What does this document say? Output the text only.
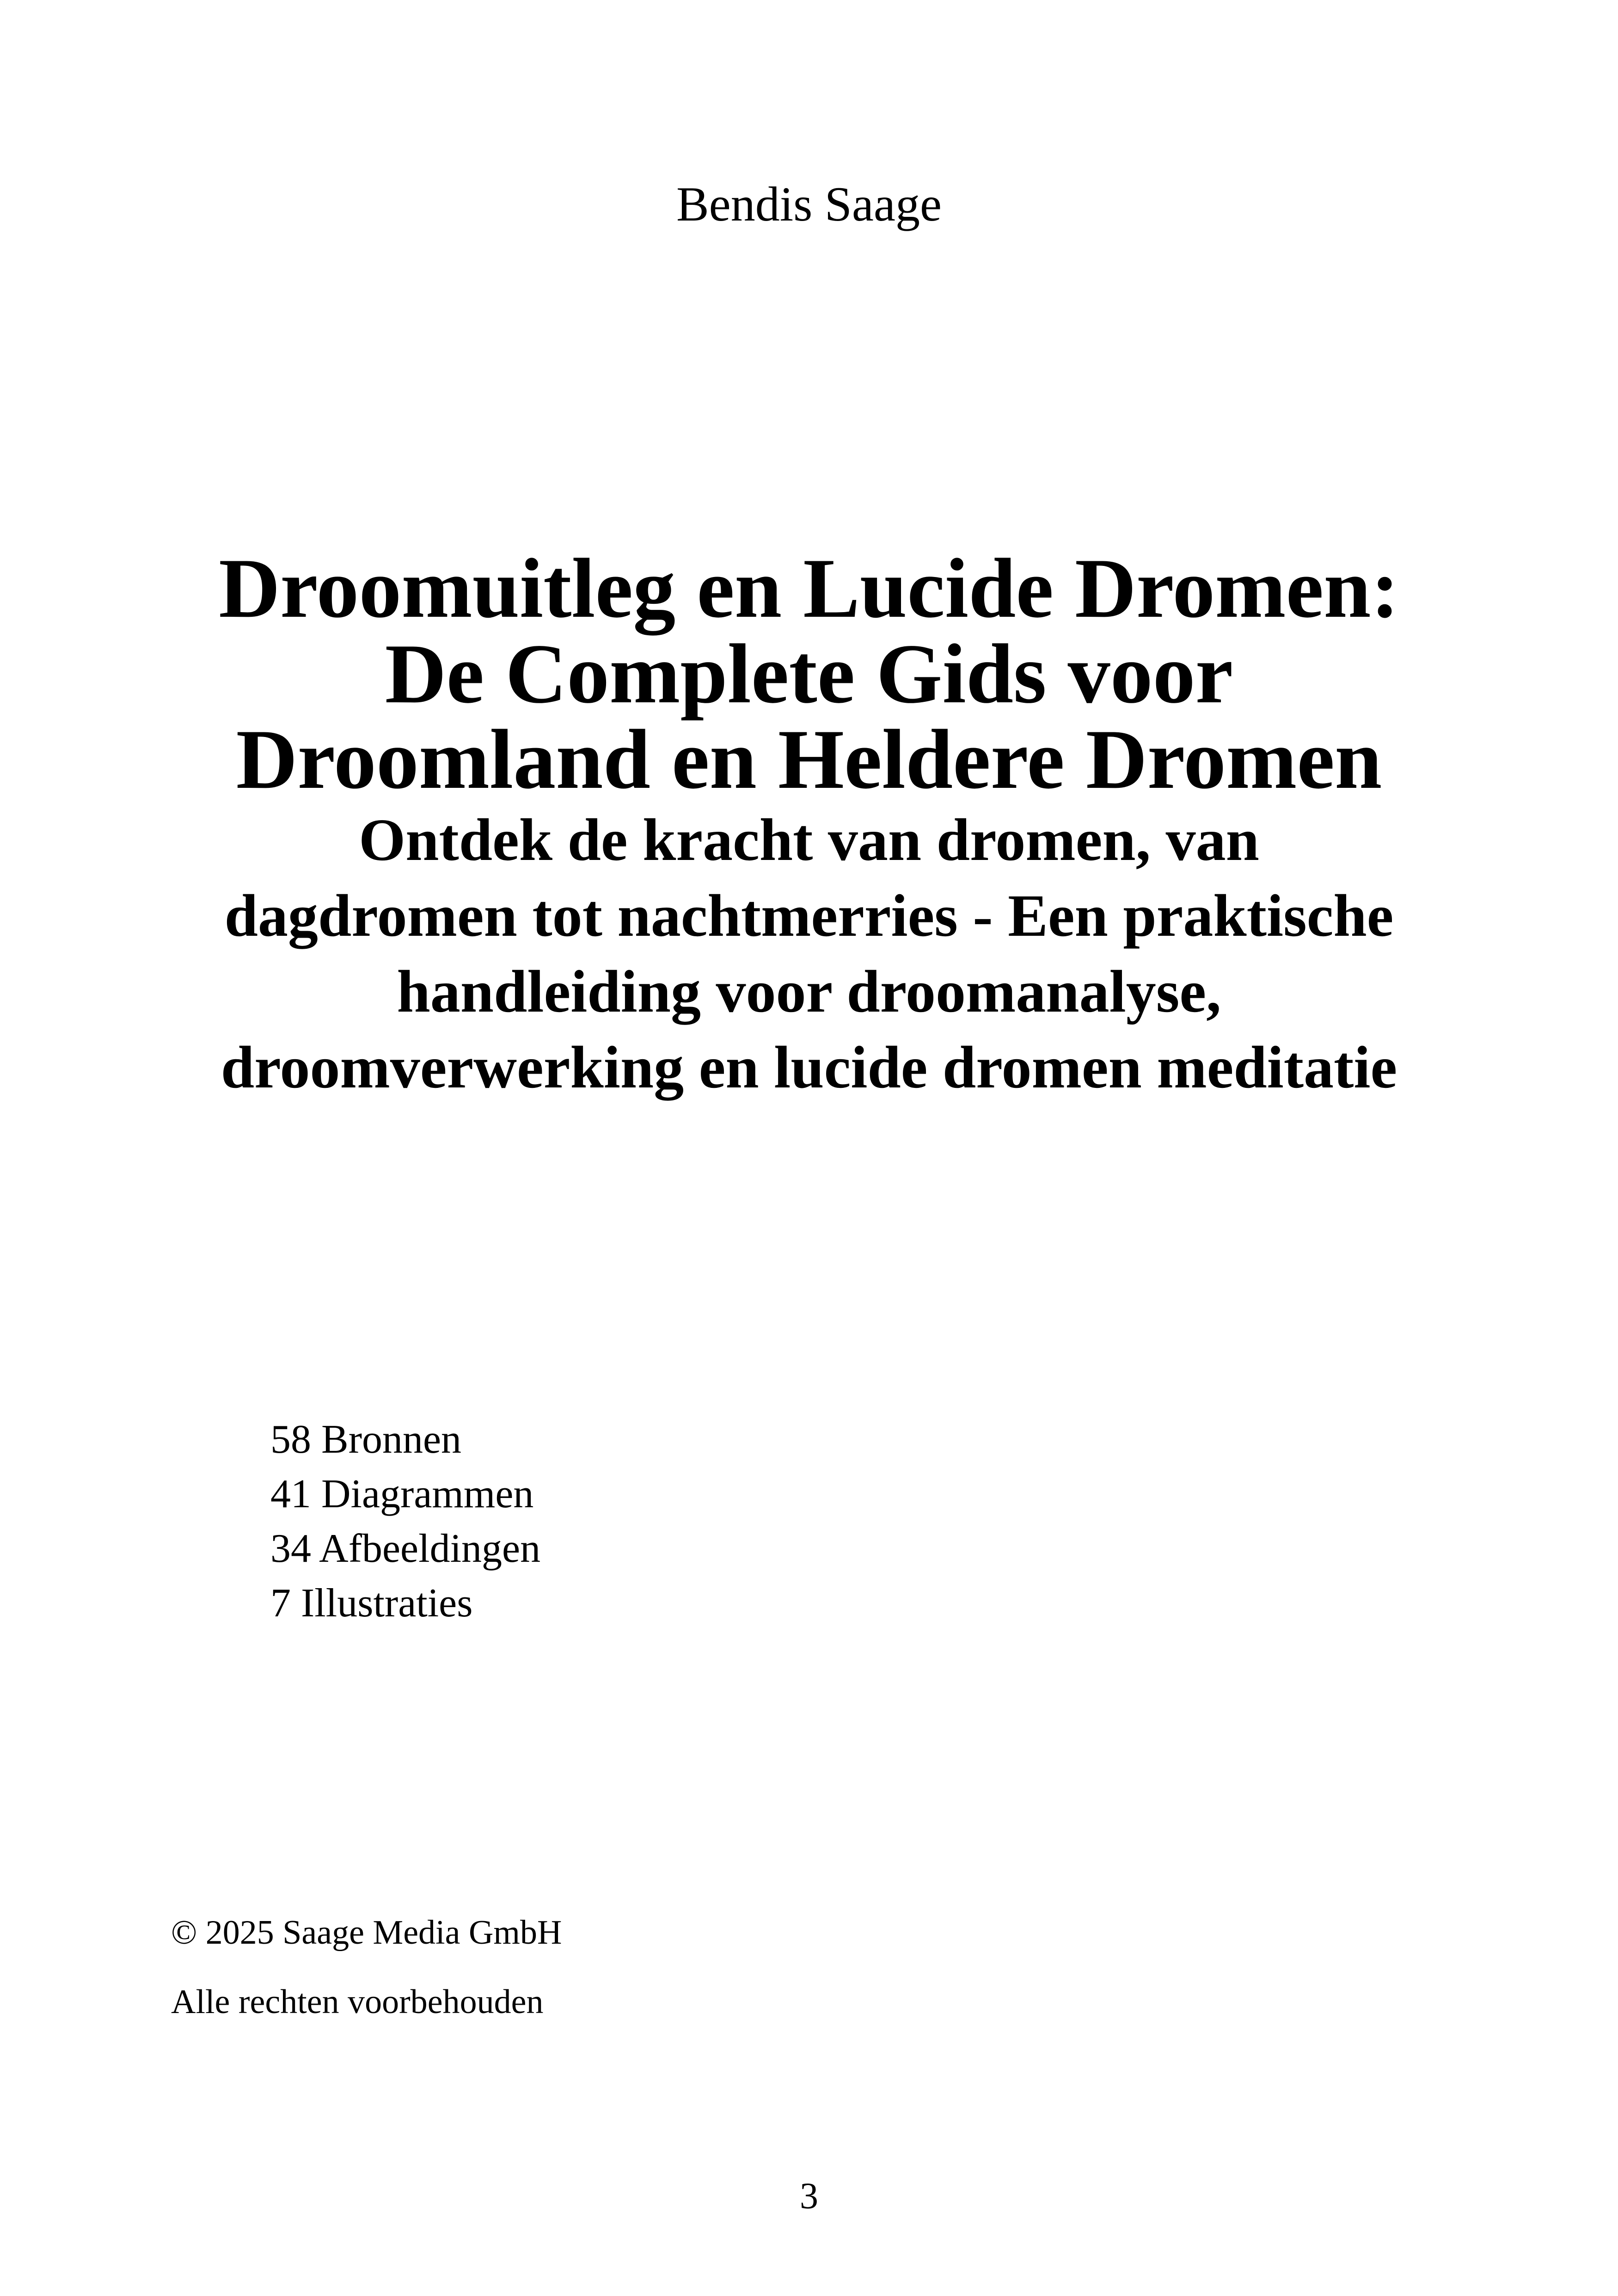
Bendis Saage
Droomuitleg en Lucide Dromen:
De Complete Gids voor
Droomland en Heldere Dromen
Ontdek de kracht van dromen, van
dagdromen tot nachtmerries - Een praktische
handleiding voor droomanalyse,
droomverwerking en lucide dromen meditatie
58 Bronnen
41 Diagrammen
34 Afbeeldingen
7 Illustraties
© 2025 Saage Media GmbH
Alle rechten voorbehouden
3
